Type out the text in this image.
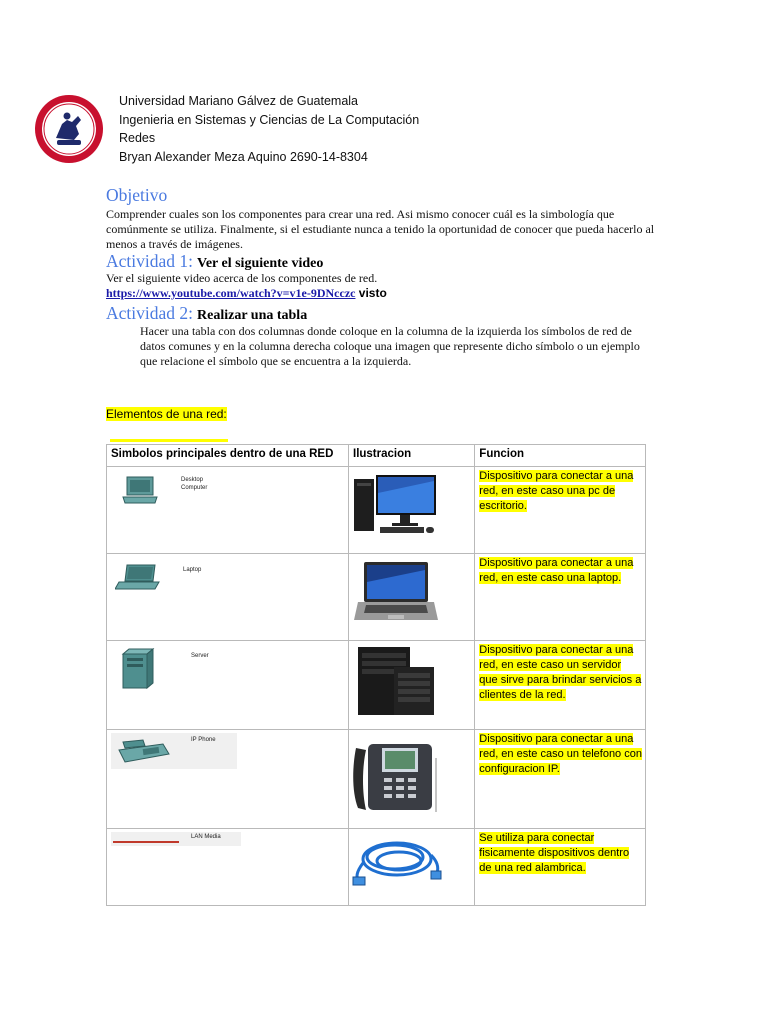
Universidad Mariano Gálvez de Guatemala
Ingenieria en Sistemas y Ciencias de La Computación
Redes
Bryan Alexander Meza Aquino 2690-14-8304
Objetivo
Comprender cuales son los componentes para crear una red. Asi mismo conocer cuál es la simbología que comúnmente se utiliza. Finalmente, si el estudiante nunca a tenido la oportunidad de conocer que pueda hacerlo al menos a través de imágenes.
Actividad 1: Ver el siguiente video
Ver el siguiente video acerca de los componentes de red.
https://www.youtube.com/watch?v=v1e-9DNcczc visto
Actividad 2: Realizar una tabla
Hacer una tabla con dos columnas donde coloque en la columna de la izquierda los símbolos de red de datos comunes y en la columna derecha coloque una imagen que represente dicho símbolo o un ejemplo que relacione el símbolo que se encuentra a la izquierda.
Elementos de una red:
Simbolos principales dentro de una RED	Ilustracion	Funcion

Desktop
Computer		Dispositivo para conectar a una red, en este caso una pc de escritorio.

Laptop		Dispositivo para conectar a una red, en este caso una laptop.

Server		Dispositivo para conectar a una red, en este caso un servidor que sirve para brindar servicios a clientes de la red.

IP Phone		Dispositivo para conectar a una red, en este caso un telefono con configuracion IP.

LAN Media		Se utiliza para conectar fisicamente dispositivos dentro de una red alambrica.
